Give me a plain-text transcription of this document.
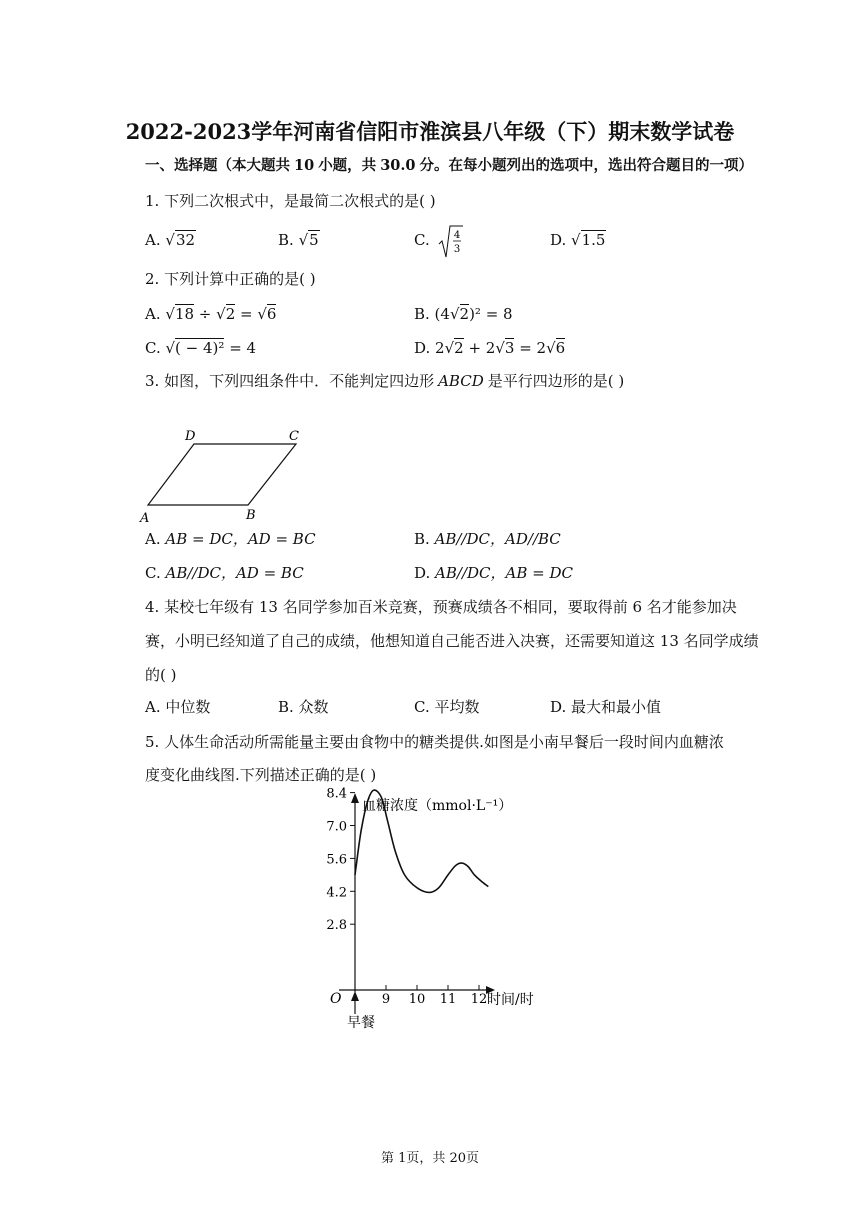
2022-2023学年河南省信阳市淮滨县八年级（下）期末数学试卷
一、选择题（本大题共 10 小题，共 30.0 分。在每小题列出的选项中，选出符合题目的一项）
1. 下列二次根式中，是最简二次根式的是( )
A. √32	B. √5	C. 4
3
D. √1.5
2. 下列计算中正确的是( )
A. √18 ÷ √2 = √6	B. (4√2)² = 8
C. √( − 4)² = 4	D. 2√2 + 2√3 = 2√6
3. 如图，下列四组条件中．不能判定四边形 ABCD 是平行四边形的是( )
A	B
C
D
A. AB = DC，AD = BC	B. AB//DC，AD//BC
C. AB//DC，AD = BC	D. AB//DC，AB = DC
4. 某校七年级有 13 名同学参加百米竞赛，预赛成绩各不相同，要取得前 6 名才能参加决
赛，小明已经知道了自己的成绩，他想知道自己能否进入决赛，还需要知道这 13 名同学成绩
的( )
A. 中位数	B. 众数	C. 平均数	D. 最大和最小值
5. 人体生命活动所需能量主要由食物中的糖类提供.如图是小南早餐后一段时间内血糖浓
度变化曲线图.下列描述正确的是( )
2.8
4.2
5.6
7.0
8.4
9 10 11 12
血糖浓度（mmol·L⁻¹）
时间/时
O
早餐
第 1页，共 20页
